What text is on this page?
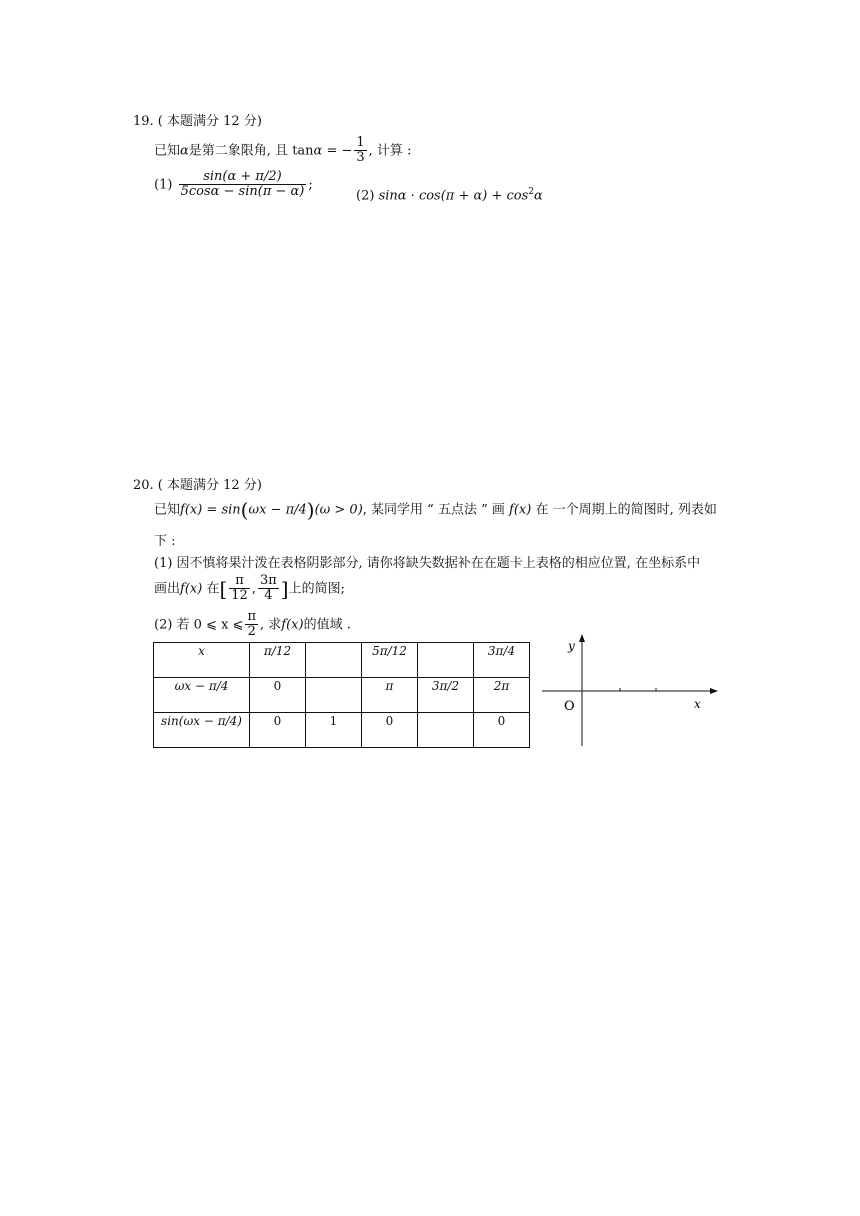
19. ( 本题满分 12 分)
已知α是第二象限角, 且 tanα = − $\frac{1}{3}$ , 计算 :
$(1) \frac{\sin(\alpha + \pi/2)}{5\cos\alpha - \sin(\pi - \alpha)}$ ;
(2) $\sin\alpha \cdot \cos(\pi + \alpha) + \cos^2\alpha$
20. ( 本题满分 12 分)
已知f(x) = sin(ωx − π/4)(ω > 0), 某同学用 “ 五点法 ” 画 f(x) 在 一个周期上的简图时, 列表如
下 :
(1) 因不慎将果汁泼在表格阴影部分, 请你将缺失数据补在在题卡上表格的相应位置, 在坐标系中
画出f(x) 在[ $\frac{\pi}{12}$ , $\frac{3\pi}{4}$ ]上的简图;
(2) 若 0 ⩽ x ⩽ $\frac{\pi}{2}$ , 求f(x)的值域 .
x	π/12		5π/12		3π/4
ωx − π/4	0		π	3π/2	2π
sin(ωx − π/4)	0	1	0		0
y
x
O
